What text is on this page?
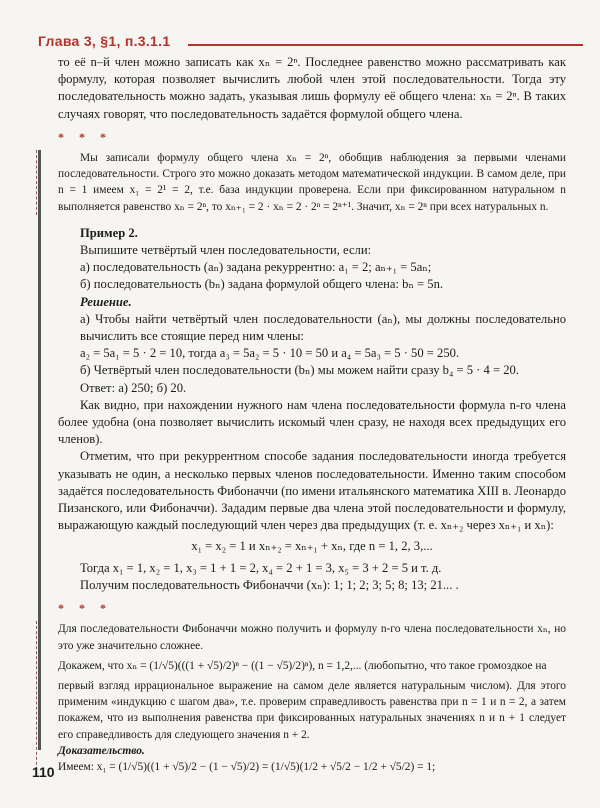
Глава 3, §1, п.3.1.1

то её n–й член можно записать как xₙ = 2ⁿ. Последнее равенство можно рассматривать как формулу, которая позволяет вычислить любой член этой последовательности. Тогда эту последовательность можно задать, указывая лишь формулу её общего члена: xₙ = 2ⁿ. В таких случаях говорят, что последовательность задаётся формулой общего члена.

* * *

Мы записали формулу общего члена xₙ = 2ⁿ, обобщив наблюдения за первыми членами последовательности. Строго это можно доказать методом математической индукции. В самом деле, при n = 1 имеем x₁ = 2¹ = 2, т.е. база индукции проверена. Если при фиксированном натуральном n выполняется равенство xₙ = 2ⁿ, то xₙ₊₁ = 2 · xₙ = 2 · 2ⁿ = 2ⁿ⁺¹. Значит, xₙ = 2ⁿ при всех натуральных n.

Пример 2.

Выпишите четвёртый член последовательности, если:

а) последовательность (aₙ) задана рекуррентно: a₁ = 2; aₙ₊₁ = 5aₙ;

б) последовательность (bₙ) задана формулой общего члена: bₙ = 5n.

Решение.

а) Чтобы найти четвёртый член последовательности (aₙ), мы должны последовательно вычислить все стоящие перед ним члены:

a₂ = 5a₁ = 5 · 2 = 10, тогда a₃ = 5a₂ = 5 · 10 = 50 и a₄ = 5a₃ = 5 · 50 = 250.

б) Четвёртый член последовательности (bₙ) мы можем найти сразу b₄ = 5 · 4 = 20.

Ответ: а) 250; б) 20.

Как видно, при нахождении нужного нам члена последовательности формула n-го члена более удобна (она позволяет вычислить искомый член сразу, не находя всех предыдущих его членов).

Отметим, что при рекуррентном способе задания последовательности иногда требуется указывать не один, а несколько первых членов последовательности. Именно таким способом задаётся последовательность Фибоначчи (по имени итальянского математика XIII в. Леонардо Пизанского, или Фибоначчи). Зададим первые два члена этой последовательности и формулу, выражающую каждый последующий член через два предыдущих (т. е. xₙ₊₂ через xₙ₊₁ и xₙ):

x₁ = x₂ = 1 и xₙ₊₂ = xₙ₊₁ + xₙ, где n = 1, 2, 3,...

Тогда x₁ = 1, x₂ = 1, x₃ = 1 + 1 = 2, x₄ = 2 + 1 = 3, x₅ = 3 + 2 = 5 и т. д.

Получим последовательность Фибоначчи (xₙ): 1; 1; 2; 3; 5; 8; 13; 21... .

* * *

Для последовательности Фибоначчи можно получить и формулу n-го члена последовательности xₙ, но это уже значительно сложнее.

Докажем, что xₙ = (1/√5)(((1 + √5)/2)ⁿ − ((1 − √5)/2)ⁿ), n = 1,2,... (любопытно, что такое громоздкое на

первый взгляд иррациональное выражение на самом деле является натуральным числом). Для этого применим «индукцию с шагом два», т.е. проверим справедливость равенства при n = 1 и n = 2, а затем покажем, что из выполнения равенства при фиксированных натуральных значениях n и n + 1 следует его справедливость для следующего значения n + 2.

Доказательство.

Имеем: x₁ = (1/√5)((1 + √5)/2 − (1 − √5)/2) = (1/√5)(1/2 + √5/2 − 1/2 + √5/2) = 1;

110
